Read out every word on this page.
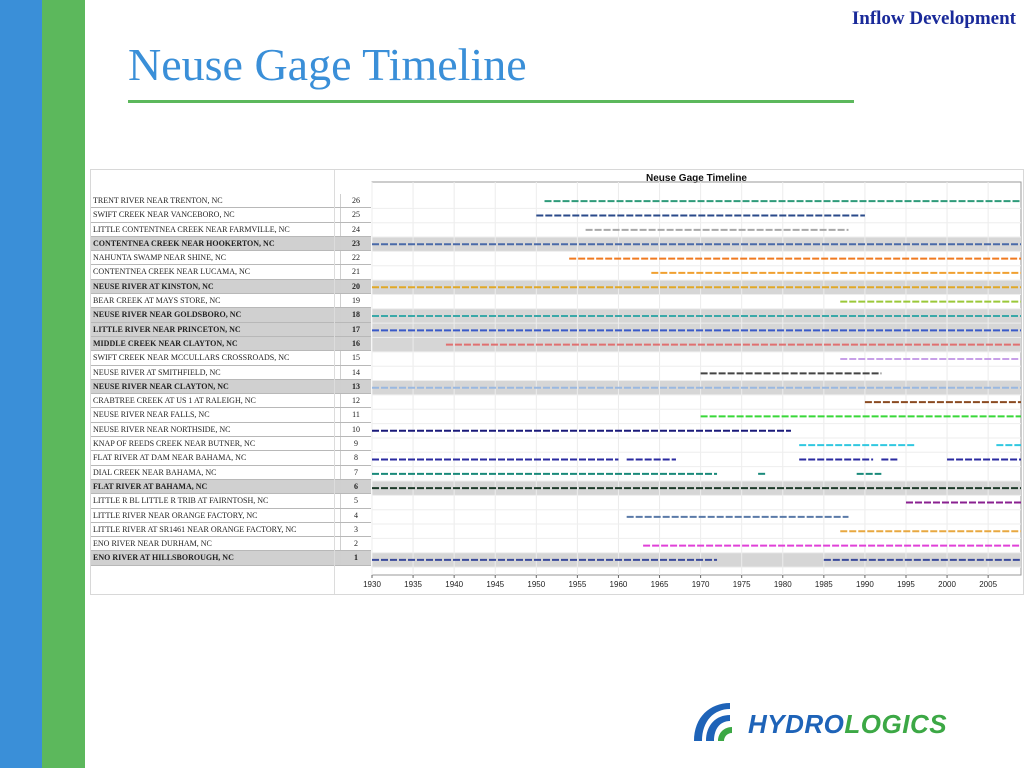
Inflow Development
Neuse Gage Timeline
TRENT RIVER NEAR TRENTON, NC		26
SWIFT CREEK NEAR VANCEBORO, NC		25
LITTLE CONTENTNEA CREEK NEAR FARMVILLE, NC		24
CONTENTNEA CREEK NEAR HOOKERTON, NC		23
NAHUNTA SWAMP NEAR SHINE, NC		22
CONTENTNEA CREEK NEAR LUCAMA, NC		21
NEUSE RIVER AT KINSTON, NC		20
BEAR CREEK AT MAYS STORE, NC		19
NEUSE RIVER NEAR GOLDSBORO, NC		18
LITTLE RIVER NEAR PRINCETON, NC		17
MIDDLE CREEK NEAR CLAYTON, NC		16
SWIFT CREEK NEAR MCCULLARS CROSSROADS, NC		15
NEUSE RIVER AT SMITHFIELD, NC		14
NEUSE RIVER NEAR CLAYTON, NC		13
CRABTREE CREEK AT US 1 AT RALEIGH, NC		12
NEUSE RIVER NEAR FALLS, NC		11
NEUSE RIVER NEAR NORTHSIDE, NC		10
KNAP OF REEDS CREEK NEAR BUTNER, NC		9
FLAT RIVER AT DAM NEAR BAHAMA, NC		8
DIAL CREEK NEAR BAHAMA, NC		7
FLAT RIVER AT BAHAMA, NC		6
LITTLE R BL LITTLE R TRIB AT FAIRNTOSH, NC		5
LITTLE RIVER NEAR ORANGE FACTORY, NC		4
LITTLE RIVER AT SR1461 NEAR ORANGE FACTORY, NC		3
ENO RIVER NEAR DURHAM, NC		2
ENO RIVER AT HILLSBOROUGH, NC		1
Neuse Gage Timeline
1930	1935	1940	1945	1950	1955	1960	1965	1970	1975	1980	1985	1990	1995	2000	2005
HYDROLOGICS
